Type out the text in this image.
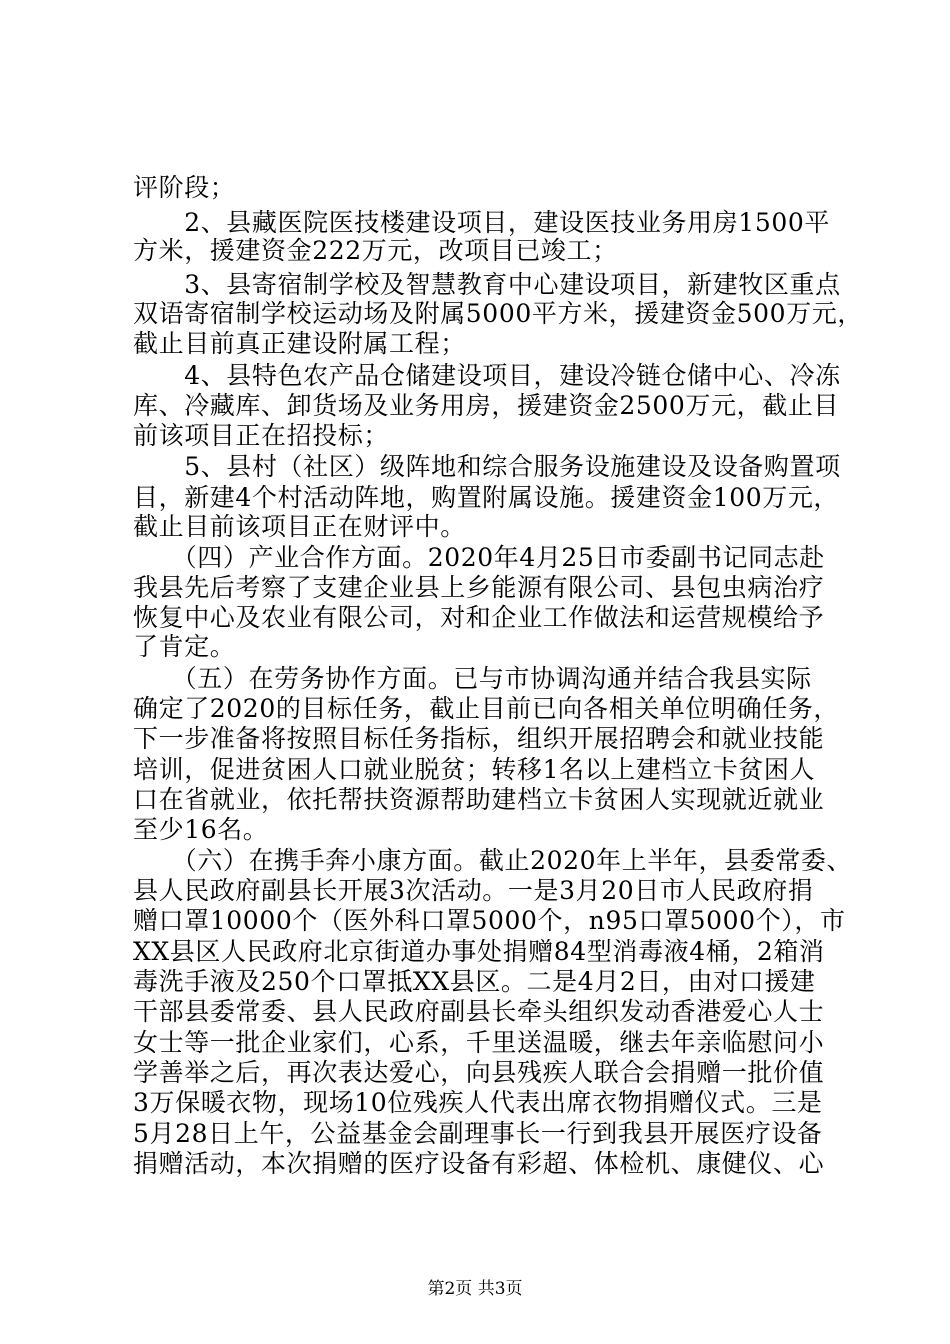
评阶段；
　　2、县藏医院医技楼建设项目，建设医技业务用房1500平
方米，援建资金222万元，改项目已竣工；
　　3、县寄宿制学校及智慧教育中心建设项目，新建牧区重点
双语寄宿制学校运动场及附属5000平方米，援建资金500万元，
截止目前真正建设附属工程；
　　4、县特色农产品仓储建设项目，建设冷链仓储中心、冷冻
库、冷藏库、卸货场及业务用房，援建资金2500万元，截止目
前该项目正在招投标；
　　5、县村（社区）级阵地和综合服务设施建设及设备购置项
目，新建4个村活动阵地，购置附属设施。援建资金100万元，
截止目前该项目正在财评中。
　　（四）产业合作方面。2020年4月25日市委副书记同志赴
我县先后考察了支建企业县上乡能源有限公司、县包虫病治疗
恢复中心及农业有限公司，对和企业工作做法和运营规模给予
了肯定。
　　（五）在劳务协作方面。已与市协调沟通并结合我县实际
确定了2020的目标任务，截止目前已向各相关单位明确任务，
下一步准备将按照目标任务指标，组织开展招聘会和就业技能
培训，促进贫困人口就业脱贫；转移1名以上建档立卡贫困人
口在省就业，依托帮扶资源帮助建档立卡贫困人实现就近就业
至少16名。
　　（六）在携手奔小康方面。截止2020年上半年，县委常委、
县人民政府副县长开展3次活动。一是3月20日市人民政府捐
赠口罩10000个（医外科口罩5000个，n95口罩5000个），市
XX县区人民政府北京街道办事处捐赠84型消毒液4桶，2箱消
毒洗手液及250个口罩抵XX县区。二是4月2日，由对口援建
干部县委常委、县人民政府副县长牵头组织发动香港爱心人士
女士等一批企业家们，心系，千里送温暖，继去年亲临慰问小
学善举之后，再次表达爱心，向县残疾人联合会捐赠一批价值
3万保暖衣物，现场10位残疾人代表出席衣物捐赠仪式。三是
5月28日上午，公益基金会副理事长一行到我县开展医疗设备
捐赠活动，本次捐赠的医疗设备有彩超、体检机、康健仪、心
第2页 共3页
